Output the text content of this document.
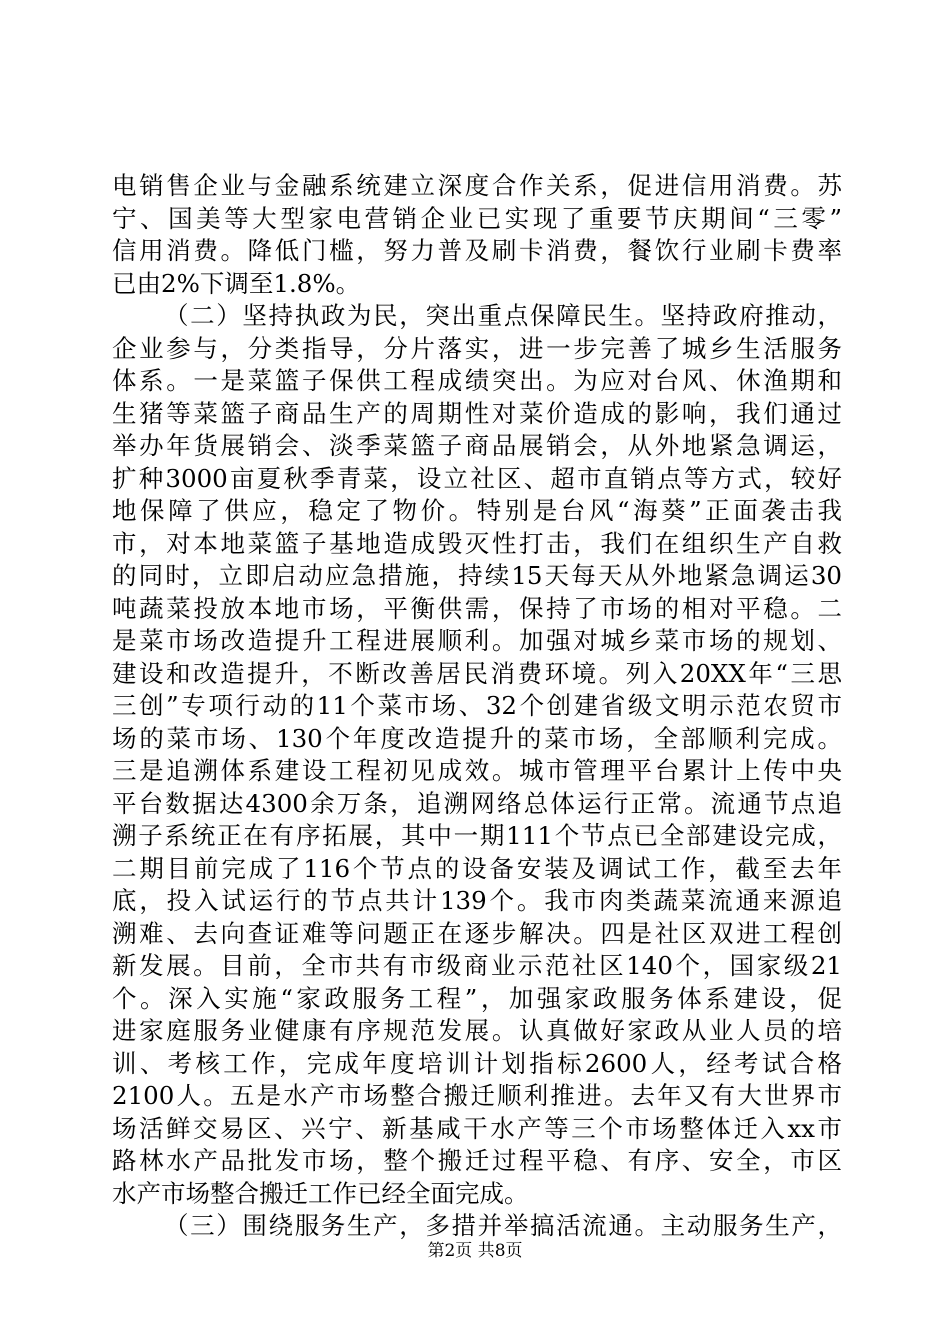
电销售企业与金融系统建立深度合作关系，促进信用消费。苏
宁、国美等大型家电营销企业已实现了重要节庆期间“三零”
信用消费。降低门槛，努力普及刷卡消费，餐饮行业刷卡费率
已由2%下调至1.8%。
（二）坚持执政为民，突出重点保障民生。坚持政府推动，
企业参与，分类指导，分片落实，进一步完善了城乡生活服务
体系。一是菜篮子保供工程成绩突出。为应对台风、休渔期和
生猪等菜篮子商品生产的周期性对菜价造成的影响，我们通过
举办年货展销会、淡季菜篮子商品展销会，从外地紧急调运，
扩种3000亩夏秋季青菜，设立社区、超市直销点等方式，较好
地保障了供应，稳定了物价。特别是台风“海葵”正面袭击我
市，对本地菜篮子基地造成毁灭性打击，我们在组织生产自救
的同时，立即启动应急措施，持续15天每天从外地紧急调运30
吨蔬菜投放本地市场，平衡供需，保持了市场的相对平稳。二
是菜市场改造提升工程进展顺利。加强对城乡菜市场的规划、
建设和改造提升，不断改善居民消费环境。列入20XX年“三思
三创”专项行动的11个菜市场、32个创建省级文明示范农贸市
场的菜市场、130个年度改造提升的菜市场，全部顺利完成。
三是追溯体系建设工程初见成效。城市管理平台累计上传中央
平台数据达4300余万条，追溯网络总体运行正常。流通节点追
溯子系统正在有序拓展，其中一期111个节点已全部建设完成，
二期目前完成了116个节点的设备安装及调试工作，截至去年
底，投入试运行的节点共计139个。我市肉类蔬菜流通来源追
溯难、去向查证难等问题正在逐步解决。四是社区双进工程创
新发展。目前，全市共有市级商业示范社区140个，国家级21
个。深入实施“家政服务工程”，加强家政服务体系建设，促
进家庭服务业健康有序规范发展。认真做好家政从业人员的培
训、考核工作，完成年度培训计划指标2600人，经考试合格
2100人。五是水产市场整合搬迁顺利推进。去年又有大世界市
场活鲜交易区、兴宁、新基咸干水产等三个市场整体迁入xx市
路林水产品批发市场，整个搬迁过程平稳、有序、安全，市区
水产市场整合搬迁工作已经全面完成。
（三）围绕服务生产，多措并举搞活流通。主动服务生产，
第2页 共8页
